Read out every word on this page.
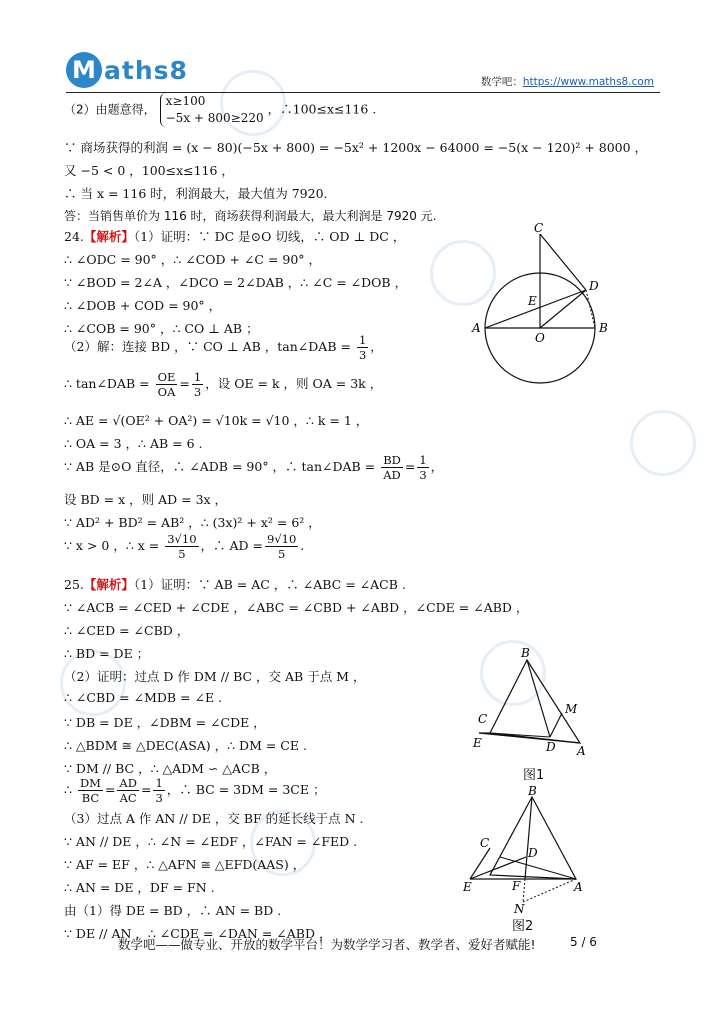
M aths8	数学吧：https://www.maths8.com
（2）由题意得，
x≥100
−5x + 800≥220
，∴100≤x≤116 .
∵ 商场获得的利润 = (x − 80)(−5x + 800) = −5x² + 1200x − 64000 = −5(x − 120)² + 8000 ，
又 −5 < 0 ，100≤x≤116 ，
∴ 当 x = 116 时，利润最大，最大值为 7920.
答：当销售单价为 116 时，商场获得利润最大，最大利润是 7920 元.
24.【解析】（1）证明：∵ DC 是⊙O 切线，∴ OD ⊥ DC ，
∴ ∠ODC = 90° ，∴ ∠COD + ∠C = 90° ，
∵ ∠BOD = 2∠A ，∠DCO = 2∠DAB ，∴ ∠C = ∠DOB ，
∴ ∠DOB + COD = 90° ，
∴ ∠COB = 90° ，∴ CO ⊥ AB ；
（2）解：连接 BD ，∵ CO ⊥ AB ，tan∠DAB = $\frac{1}{3}$ ，
∴ tan∠DAB = $\frac{OE}{OA} = \frac{1}{3}$ ，设 OE = k ，则 OA = 3k ，
∴ AE = √(OE² + OA²) = √10k = √10 ，∴ k = 1 ，
∴ OA = 3 ，∴ AB = 6 .
∵ AB 是⊙O 直径，∴ ∠ADB = 90° ，∴ tan∠DAB = $\frac{BD}{AD} = \frac{1}{3}$ ，
设 BD = x ，则 AD = 3x ，
∵ AD² + BD² = AB² ，∴ (3x)² + x² = 6² ，
∵ x > 0 ，∴ $x = \frac{3√10}{5}$ ，∴ AD = $\frac{9√10}{5}$ .
25.【解析】（1）证明：∵ AB = AC ，∴ ∠ABC = ∠ACB .
∵ ∠ACB = ∠CED + ∠CDE ，∠ABC = ∠CBD + ∠ABD ，∠CDE = ∠ABD ，
∴ ∠CED = ∠CBD ，
∴ BD = DE ；
（2）证明：过点 D 作 DM // BC ，交 AB 于点 M ，
∴ ∠CBD = ∠MDB = ∠E .
∵ DB = DE ，∠DBM = ∠CDE ，
∴ △BDM ≅ △DEC(ASA) ，∴ DM = CE .
∵ DM // BC ，∴ △ADM ∽ △ACB ，
∴ $\frac{DM}{BC} = \frac{AD}{AC} = \frac{1}{3}$ ，∴ BC = 3DM = 3CE ；
（3）过点 A 作 AN // DE ，交 BF 的延长线于点 N .
∵ AN // DE ，∴ ∠N = ∠EDF ，∠FAN = ∠FED .
∵ AF = EF ，∴ △AFN ≅ △EFD(AAS) ，
∴ AN = DE ，DF = FN .
由（1）得 DE = BD ，∴ AN = BD .
∵ DE // AN ，∴ ∠CDE = ∠DAN = ∠ABD ，
C
D
E
A
O
B
B
M
C
E	D A
图1
B
C
D
E	F	A
N
图2
数学吧——做专业、开放的数学平台！为数学学习者、教学者、爱好者赋能!	5 / 6
